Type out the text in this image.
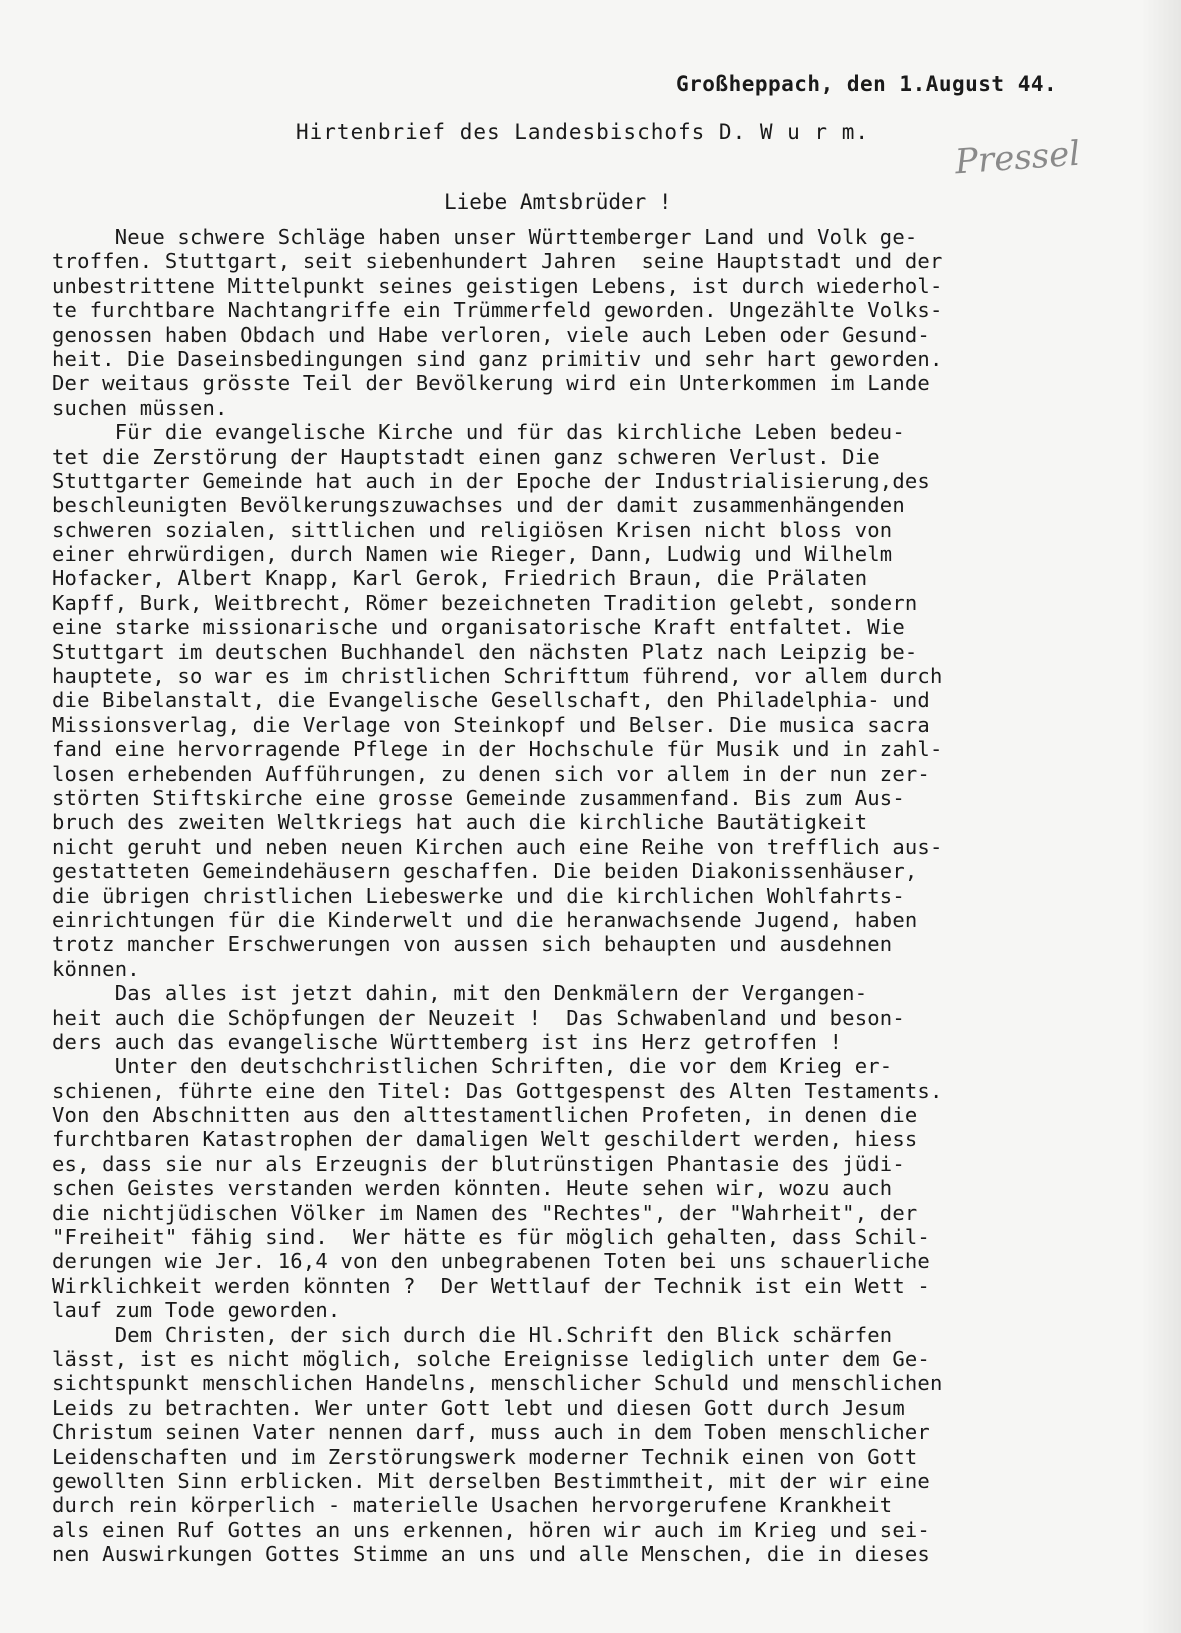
Großheppach, den 1.August 44.
Hirtenbrief des Landesbischofs D. W u r m.
Pressel
Liebe Amtsbrüder !
Neue schwere Schläge haben unser Württemberger Land und Volk ge-
troffen. Stuttgart, seit siebenhundert Jahren  seine Hauptstadt und der
unbestrittene Mittelpunkt seines geistigen Lebens, ist durch wiederhol-
te furchtbare Nachtangriffe ein Trümmerfeld geworden. Ungezählte Volks-
genossen haben Obdach und Habe verloren, viele auch Leben oder Gesund-
heit. Die Daseinsbedingungen sind ganz primitiv und sehr hart geworden.
Der weitaus grösste Teil der Bevölkerung wird ein Unterkommen im Lande
suchen müssen.
Für die evangelische Kirche und für das kirchliche Leben bedeu-
tet die Zerstörung der Hauptstadt einen ganz schweren Verlust. Die
Stuttgarter Gemeinde hat auch in der Epoche der Industrialisierung,des
beschleunigten Bevölkerungszuwachses und der damit zusammenhängenden
schweren sozialen, sittlichen und religiösen Krisen nicht bloss von
einer ehrwürdigen, durch Namen wie Rieger, Dann, Ludwig und Wilhelm
Hofacker, Albert Knapp, Karl Gerok, Friedrich Braun, die Prälaten
Kapff, Burk, Weitbrecht, Römer bezeichneten Tradition gelebt, sondern
eine starke missionarische und organisatorische Kraft entfaltet. Wie
Stuttgart im deutschen Buchhandel den nächsten Platz nach Leipzig be-
hauptete, so war es im christlichen Schrifttum führend, vor allem durch
die Bibelanstalt, die Evangelische Gesellschaft, den Philadelphia- und
Missionsverlag, die Verlage von Steinkopf und Belser. Die musica sacra
fand eine hervorragende Pflege in der Hochschule für Musik und in zahl-
losen erhebenden Aufführungen, zu denen sich vor allem in der nun zer-
störten Stiftskirche eine grosse Gemeinde zusammenfand. Bis zum Aus-
bruch des zweiten Weltkriegs hat auch die kirchliche Bautätigkeit
nicht geruht und neben neuen Kirchen auch eine Reihe von trefflich aus-
gestatteten Gemeindehäusern geschaffen. Die beiden Diakonissenhäuser,
die übrigen christlichen Liebeswerke und die kirchlichen Wohlfahrts-
einrichtungen für die Kinderwelt und die heranwachsende Jugend, haben
trotz mancher Erschwerungen von aussen sich behaupten und ausdehnen
können.
Das alles ist jetzt dahin, mit den Denkmälern der Vergangen-
heit auch die Schöpfungen der Neuzeit !  Das Schwabenland und beson-
ders auch das evangelische Württemberg ist ins Herz getroffen !
Unter den deutschchristlichen Schriften, die vor dem Krieg er-
schienen, führte eine den Titel: Das Gottgespenst des Alten Testaments.
Von den Abschnitten aus den alttestamentlichen Profeten, in denen die
furchtbaren Katastrophen der damaligen Welt geschildert werden, hiess
es, dass sie nur als Erzeugnis der blutrünstigen Phantasie des jüdi-
schen Geistes verstanden werden könnten. Heute sehen wir, wozu auch
die nichtjüdischen Völker im Namen des "Rechtes", der "Wahrheit", der
"Freiheit" fähig sind.  Wer hätte es für möglich gehalten, dass Schil-
derungen wie Jer. 16,4 von den unbegrabenen Toten bei uns schauerliche
Wirklichkeit werden könnten ?  Der Wettlauf der Technik ist ein Wett -
lauf zum Tode geworden.
Dem Christen, der sich durch die Hl.Schrift den Blick schärfen
lässt, ist es nicht möglich, solche Ereignisse lediglich unter dem Ge-
sichtspunkt menschlichen Handelns, menschlicher Schuld und menschlichen
Leids zu betrachten. Wer unter Gott lebt und diesen Gott durch Jesum
Christum seinen Vater nennen darf, muss auch in dem Toben menschlicher
Leidenschaften und im Zerstörungswerk moderner Technik einen von Gott
gewollten Sinn erblicken. Mit derselben Bestimmtheit, mit der wir eine
durch rein körperlich - materielle Usachen hervorgerufene Krankheit
als einen Ruf Gottes an uns erkennen, hören wir auch im Krieg und sei-
nen Auswirkungen Gottes Stimme an uns und alle Menschen, die in dieses
